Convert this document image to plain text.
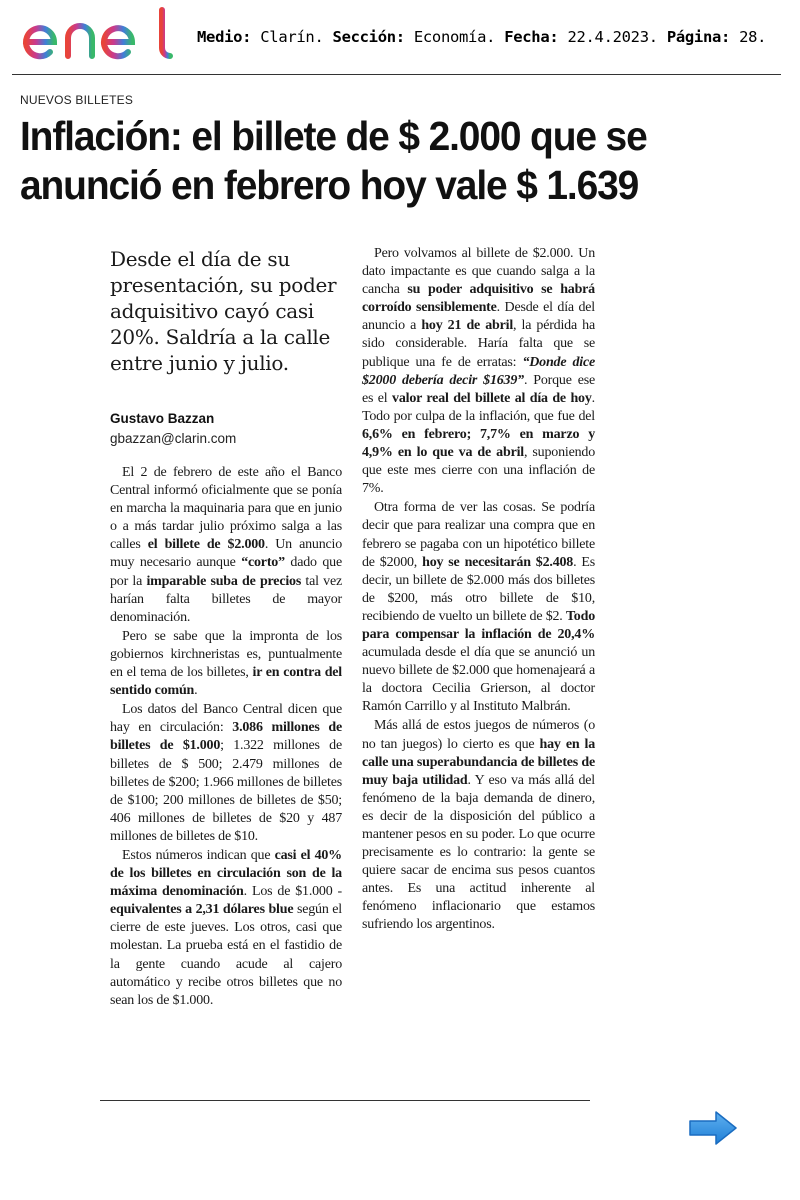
Medio: Clarín. Sección: Economía. Fecha: 22.4.2023. Página: 28.
NUEVOS BILLETES
Inflación: el billete de $ 2.000 que se anunció en febrero hoy vale $ 1.639
Desde el día de su presentación, su poder adquisitivo cayó casi 20%. Saldría a la calle entre junio y julio.
Gustavo Bazzan
gbazzan@clarin.com

El 2 de febrero de este año el Banco Central informó oficialmente que se ponía en marcha la maquinaria para que en junio o a más tardar julio próximo salga a las calles el billete de $2.000. Un anuncio muy necesario aunque “corto” dado que por la imparable suba de precios tal vez harían falta billetes de mayor denominación.

Pero se sabe que la impronta de los gobiernos kirchneristas es, puntualmente en el tema de los billetes, ir en contra del sentido común.

Los datos del Banco Central dicen que hay en circulación: 3.086 millones de billetes de $1.000; 1.322 millones de billetes de $ 500; 2.479 millones de billetes de $200; 1.966 millones de billetes de $100; 200 millones de billetes de $50; 406 millones de billetes de $20 y 487 millones de billetes de $10.

Estos números indican que casi el 40% de los billetes en circulación son de la máxima denominación. Los de $1.000 -equivalentes a 2,31 dólares blue según el cierre de este jueves. Los otros, casi que molestan. La prueba está en el fastidio de la gente cuando acude al cajero automático y recibe otros billetes que no sean los de $1.000.

Pero volvamos al billete de $2.000. Un dato impactante es que cuando salga a la cancha su poder adquisitivo se habrá corroído sensiblemente. Desde el día del anuncio a hoy 21 de abril, la pérdida ha sido considerable. Haría falta que se publique una fe de erratas: “Donde dice $2000 debería decir $1639”. Porque ese es el valor real del billete al día de hoy. Todo por culpa de la inflación, que fue del 6,6% en febrero; 7,7% en marzo y 4,9% en lo que va de abril, suponiendo que este mes cierre con una inflación de 7%.

Otra forma de ver las cosas. Se podría decir que para realizar una compra que en febrero se pagaba con un hipotético billete de $2000, hoy se necesitarán $2.408. Es decir, un billete de $2.000 más dos billetes de $200, más otro billete de $10, recibiendo de vuelto un billete de $2. Todo para compensar la inflación de 20,4% acumulada desde el día que se anunció un nuevo billete de $2.000 que homenajeará a la doctora Cecilia Grierson, al doctor Ramón Carrillo y al Instituto Malbrán.

Más allá de estos juegos de números (o no tan juegos) lo cierto es que hay en la calle una superabundancia de billetes de muy baja utilidad. Y eso va más allá del fenómeno de la baja demanda de dinero, es decir de la disposición del público a mantener pesos en su poder. Lo que ocurre precisamente es lo contrario: la gente se quiere sacar de encima sus pesos cuantos antes. Es una actitud inherente al fenómeno inflacionario que estamos sufriendo los argentinos.
